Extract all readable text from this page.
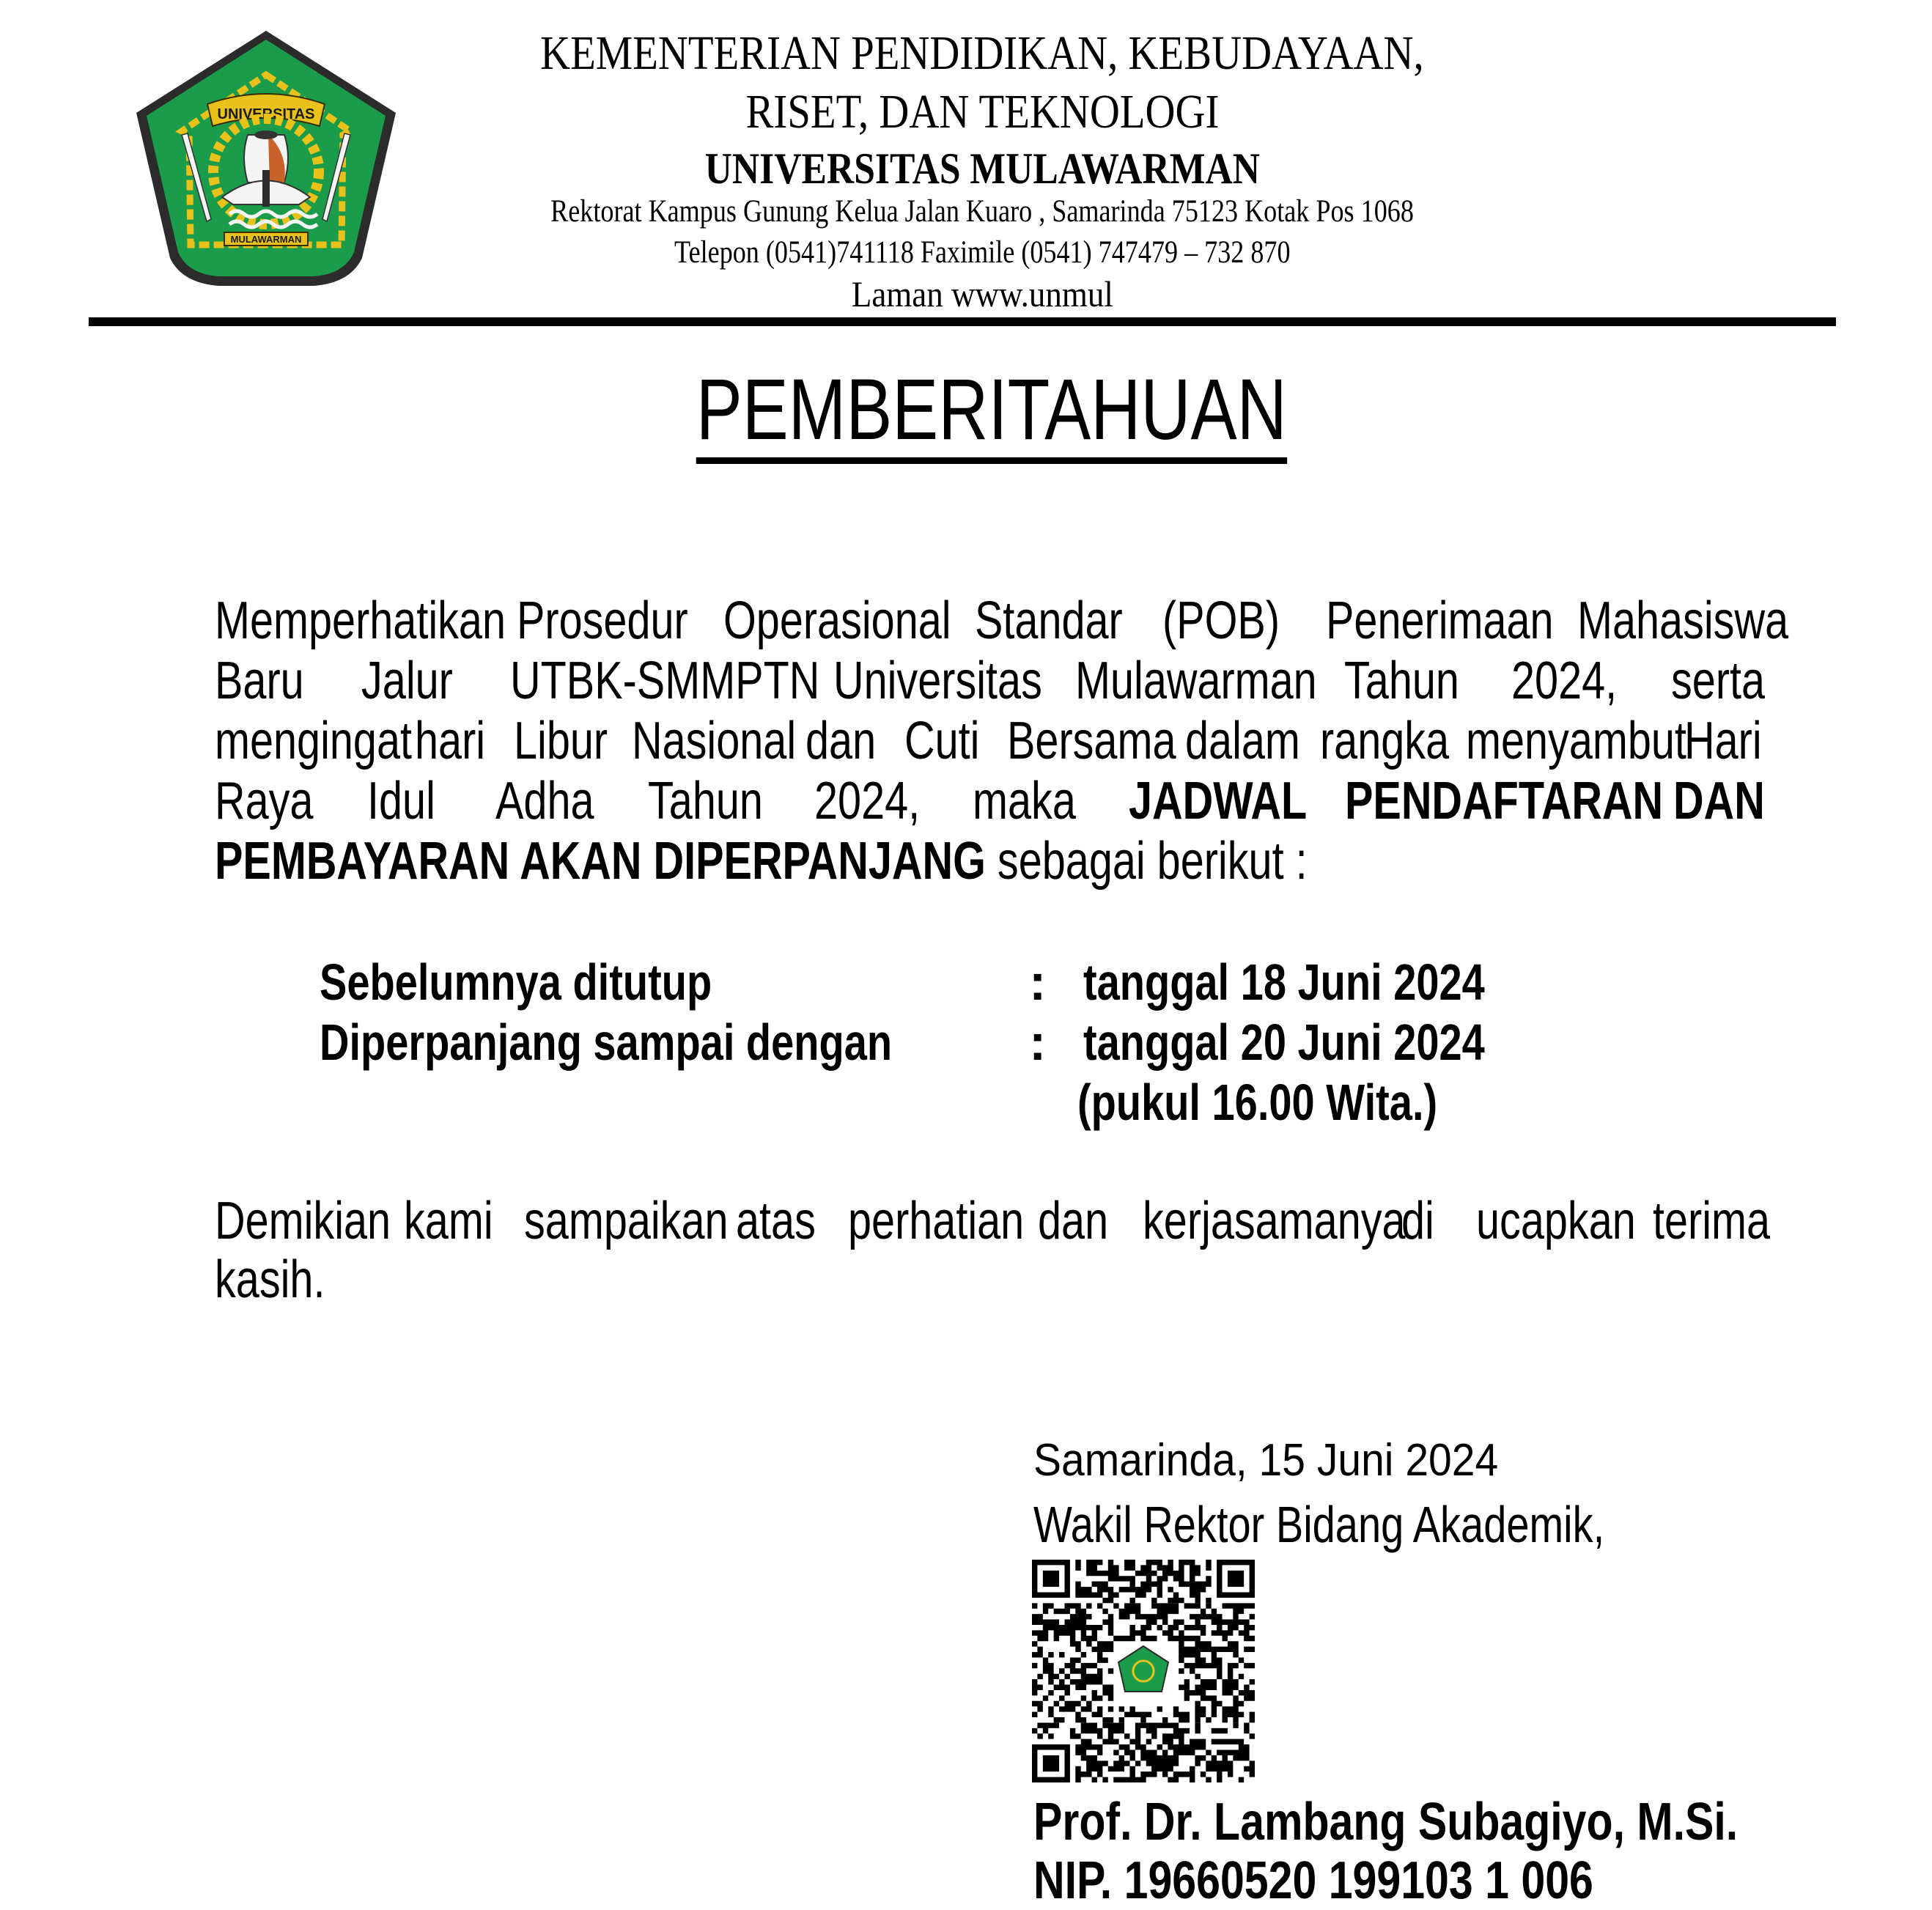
UNIVERSITAS
MULAWARMAN
KEMENTERIAN PENDIDIKAN, KEBUDAYAAN,
RISET, DAN TEKNOLOGI
UNIVERSITAS MULAWARMAN
Rektorat Kampus Gunung Kelua Jalan Kuaro , Samarinda 75123 Kotak Pos 1068
Telepon (0541)741118 Faximile (0541) 747479 – 732 870
Laman www.unmul
PEMBERITAHUAN
Memperhatikan Prosedur Operasional Standar (POB) Penerimaan Mahasiswa
Baru Jalur UTBK-SMMPTN Universitas Mulawarman Tahun 2024, serta
mengingat hari Libur Nasional dan Cuti Bersama dalam rangka menyambut
Hari
Raya Idul Adha Tahun 2024, maka JADWAL PENDAFTARAN DAN
PEMBAYARAN AKAN DIPERPANJANG sebagai berikut :
Sebelumnya ditutup	: tanggal 18 Juni 2024
Diperpanjang sampai dengan	: tanggal 20 Juni 2024
(pukul 16.00 Wita.)
Demikian kami sampaikan atas perhatian dan kerjasamanya
di ucapkan terima
kasih.
Samarinda, 15 Juni 2024
Wakil Rektor Bidang Akademik,
Prof. Dr. Lambang Subagiyo, M.Si.
NIP. 19660520 199103 1 006
